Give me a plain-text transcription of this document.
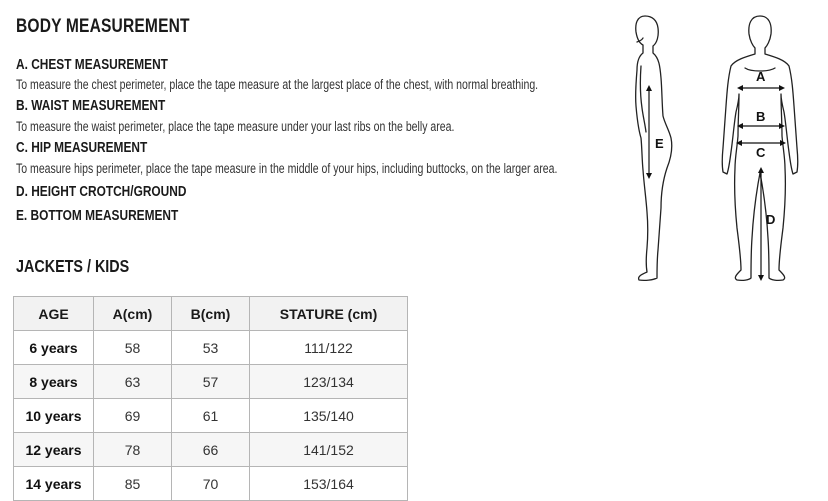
BODY MEASUREMENT
A. CHEST MEASUREMENT
To measure the chest perimeter, place the tape measure at the largest place of the chest, with normal breathing.
B. WAIST MEASUREMENT
To measure the waist perimeter, place the tape measure under your last ribs on the belly area.
C. HIP MEASUREMENT
To measure hips perimeter, place the tape measure in the middle of your hips, including buttocks, on the larger area.
D. HEIGHT CROTCH/GROUND
E. BOTTOM MEASUREMENT
JACKETS / KIDS
AGE	A(cm)	B(cm)	STATURE (cm)
6 years	58	53	111/122
8 years	63	57	123/134
10 years	69	61	135/140
12 years	78	66	141/152
14 years	85	70	153/164
E
A
B
C
D
